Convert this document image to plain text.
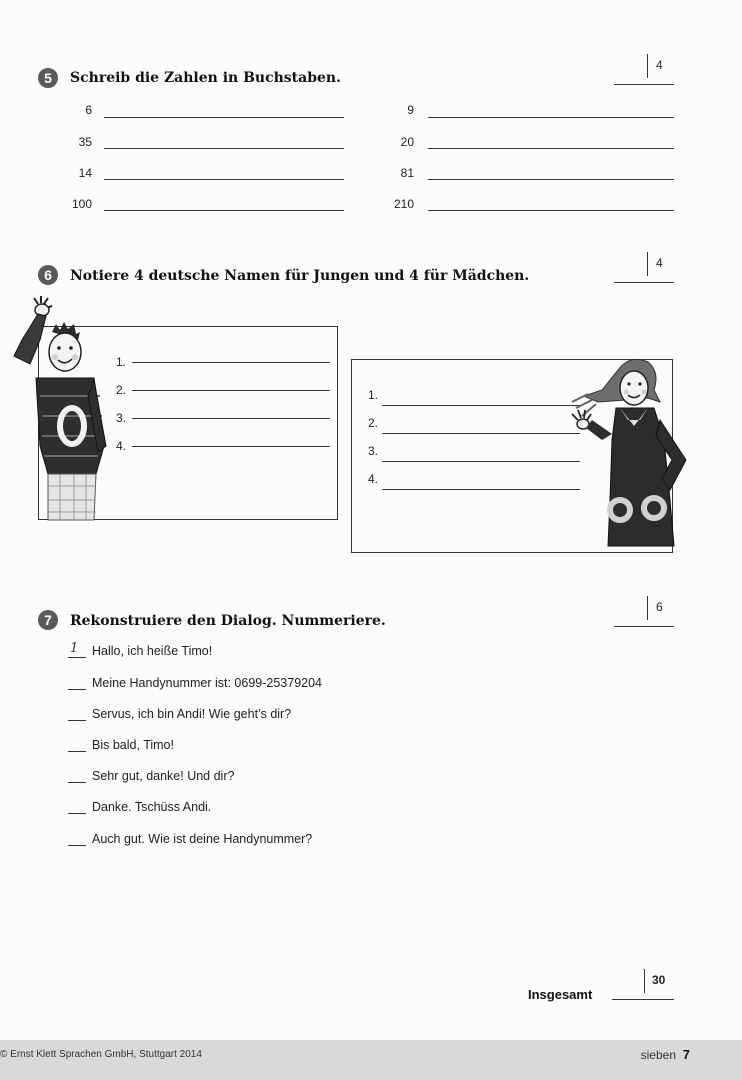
5	Schreib die Zahlen in Buchstaben.
4
6
35
14
100
9
20
81
210
6	Notiere 4 deutsche Namen für Jungen und 4 für Mädchen.
4
1.
2.
3.
4.
1.
2.
3.
4.
7	Rekonstruiere den Dialog. Nummeriere.
6
1 Hallo, ich heiße Timo!
Meine Handynummer ist: 0699-25379204
Servus, ich bin Andi! Wie geht’s dir?
Bis bald, Timo!
Sehr gut, danke! Und dir?
Danke. Tschüss Andi.
Auch gut. Wie ist deine Handynummer?
Insgesamt
30
© Ernst Klett Sprachen GmbH, Stuttgart 2014	sieben 7
